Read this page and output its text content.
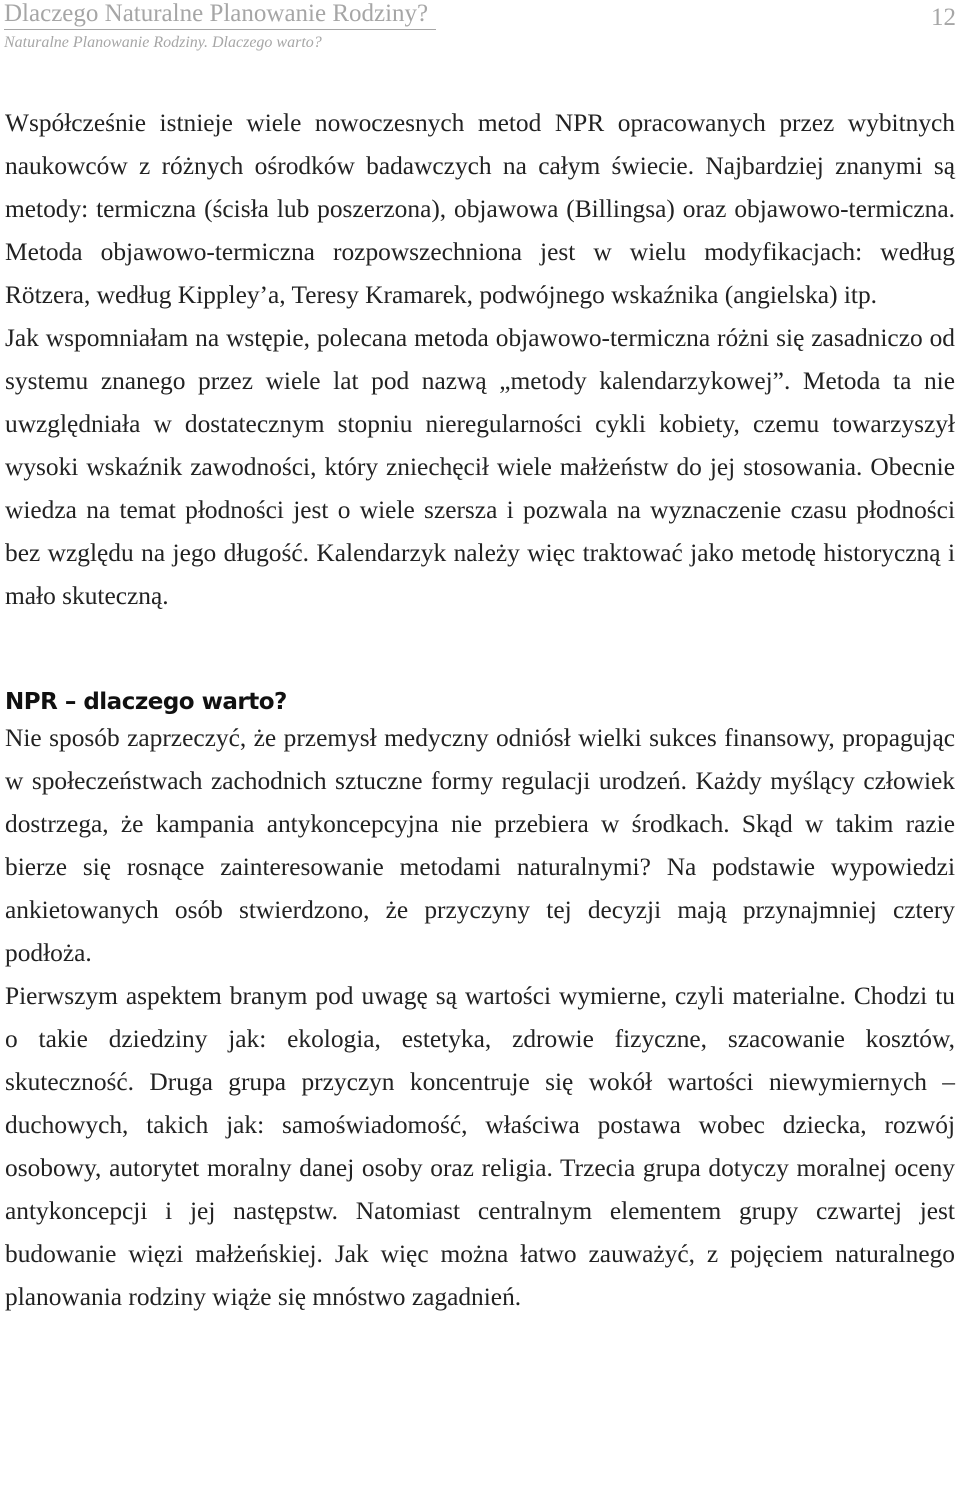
Dlaczego Naturalne Planowanie Rodziny?
Naturalne Planowanie Rodziny. Dlaczego warto?
12

Współcześnie istnieje wiele nowoczesnych metod NPR opracowanych przez wybitnych naukowców z różnych ośrodków badawczych na całym świecie. Najbardziej znanymi są metody: termiczna (ścisła lub poszerzona), objawowa (Billingsa) oraz objawowo-termiczna. Metoda objawowo-termiczna rozpowszechniona jest w wielu modyfikacjach: według Rötzera, według Kippley’a, Teresy Kramarek, podwójnego wskaźnika (angielska) itp.

Jak wspomniałam na wstępie, polecana metoda objawowo-termiczna różni się zasadniczo od systemu znanego przez wiele lat pod nazwą „metody kalendarzykowej”. Metoda ta nie uwzględniała w dostatecznym stopniu nieregularności cykli kobiety, czemu towarzyszył wysoki wskaźnik zawodności, który zniechęcił wiele małżeństw do jej stosowania. Obecnie wiedza na temat płodności jest o wiele szersza i pozwala na wyznaczenie czasu płodności bez względu na jego długość. Kalendarzyk należy więc traktować jako metodę historyczną i mało skuteczną.

NPR – dlaczego warto?

Nie sposób zaprzeczyć, że przemysł medyczny odniósł wielki sukces finansowy, propagując w społeczeństwach zachodnich sztuczne formy regulacji urodzeń. Każdy myślący człowiek dostrzega, że kampania antykoncepcyjna nie przebiera w środkach. Skąd w takim razie bierze się rosnące zainteresowanie metodami naturalnymi? Na podstawie wypowiedzi ankietowanych osób stwierdzono, że przyczyny tej decyzji mają przynajmniej cztery podłoża.

Pierwszym aspektem branym pod uwagę są wartości wymierne, czyli materialne. Chodzi tu o takie dziedziny jak: ekologia, estetyka, zdrowie fizyczne, szacowanie kosztów, skuteczność. Druga grupa przyczyn koncentruje się wokół wartości niewymiernych – duchowych, takich jak: samoświadomość, właściwa postawa wobec dziecka, rozwój osobowy, autorytet moralny danej osoby oraz religia. Trzecia grupa dotyczy moralnej oceny antykoncepcji i jej następstw. Natomiast centralnym elementem grupy czwartej jest budowanie więzi małżeńskiej. Jak więc można łatwo zauważyć, z pojęciem naturalnego planowania rodziny wiąże się mnóstwo zagadnień.
